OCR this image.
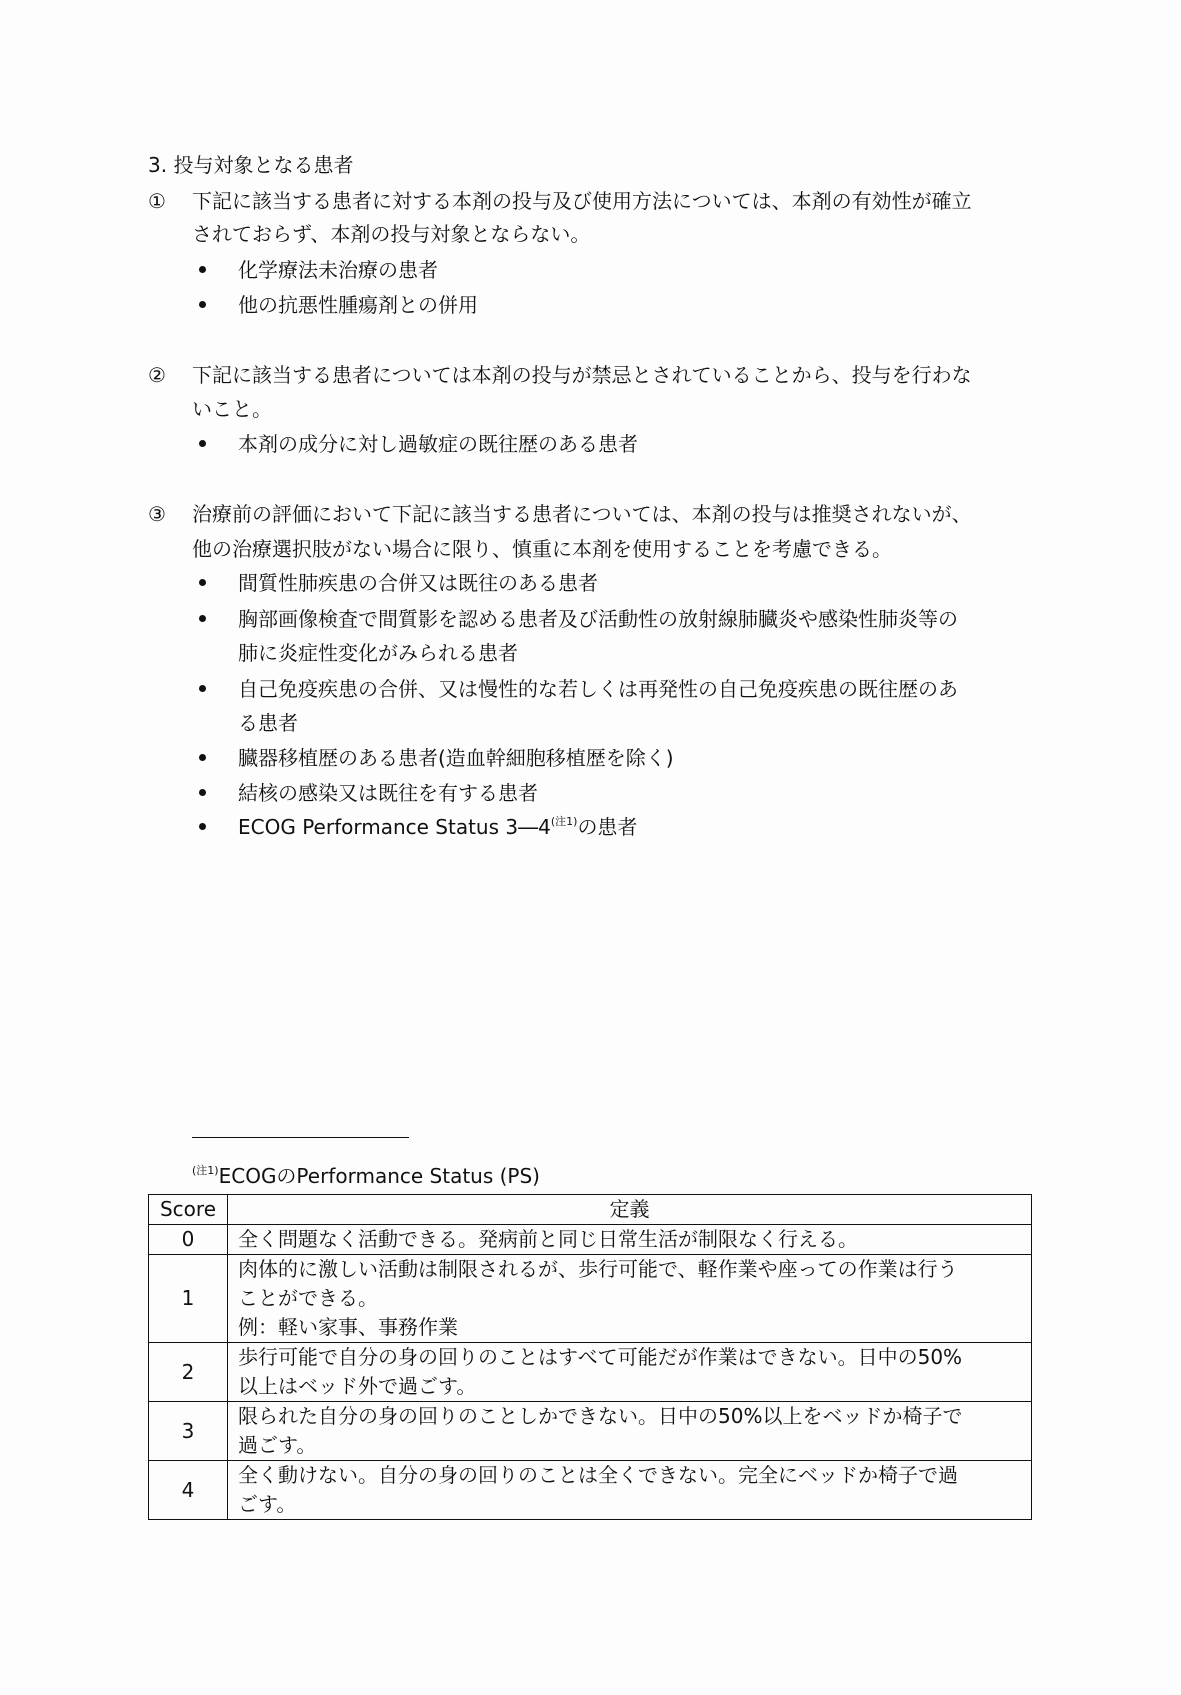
3. 投与対象となる患者
① 下記に該当する患者に対する本剤の投与及び使用方法については、本剤の有効性が確立
されておらず、本剤の投与対象とならない。
化学療法未治療の患者
他の抗悪性腫瘍剤との併用
② 下記に該当する患者については本剤の投与が禁忌とされていることから、投与を行わな
いこと。
本剤の成分に対し過敏症の既往歴のある患者
③ 治療前の評価において下記に該当する患者については、本剤の投与は推奨されないが、
他の治療選択肢がない場合に限り、慎重に本剤を使用することを考慮できる。
間質性肺疾患の合併又は既往のある患者
胸部画像検査で間質影を認める患者及び活動性の放射線肺臓炎や感染性肺炎等の
肺に炎症性変化がみられる患者
自己免疫疾患の合併、又は慢性的な若しくは再発性の自己免疫疾患の既往歴のあ
る患者
臓器移植歴のある患者(造血幹細胞移植歴を除く)
結核の感染又は既往を有する患者
ECOG Performance Status $3―4^{(注1)}$の患者
$^{(注1)}$ECOGのPerformance Status (PS)
Score	定義
0	全く問題なく活動できる。発病前と同じ日常生活が制限なく行える。

1	肉体的に激しい活動は制限されるが、歩行可能で、軽作業や座っての作業は行う
ことができる。
例：軽い家事、事務作業

2	歩行可能で自分の身の回りのことはすべて可能だが作業はできない。日中の50%
以上はベッド外で過ごす。

3	限られた自分の身の回りのことしかできない。日中の50%以上をベッドか椅子で
過ごす。

4	全く動けない。自分の身の回りのことは全くできない。完全にベッドか椅子で過
ごす。
